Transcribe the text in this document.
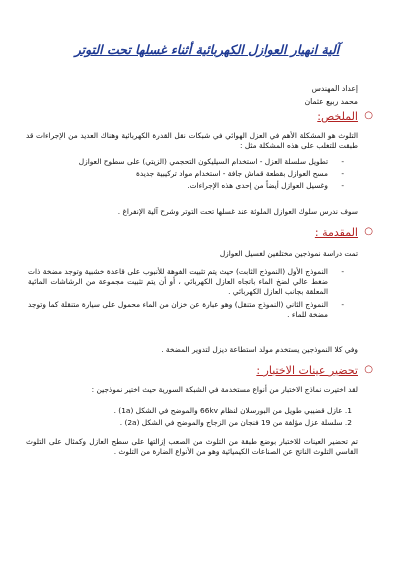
آلية انهيار العوازل الكهربائية أثناء غسلها تحت التوتر
إعداد المهندس
محمد ربيع عثمان
○
الملخص:
التلوث هو المشكلة الأهم في العزل الهوائي في شبكات نقل القدرة الكهربائية وهناك العديد من الإجراءات قد طبقت للتغلب على هذه المشكلة مثل :
-
تطويل سلسلة العزل - استخدام السيليكون التحجمي (الزيتي) على سطوح العوازل
-
مسح العوازل بقطعة قماش جافة - استخدام مواد تركيبية جديدة
-
وغسيل العوازل أيضاً من إحدى هذه الإجراءات.
سوف ندرس سلوك العوازل الملوثة عند غسلها تحت التوتر وشرح آلية الإنفراغ .
○
المقدمة :
تمت دراسة نموذجين مختلفين لغسيل العوازل
-
النموذج الأول (النموذج الثابت) حيث يتم تثبيت الفوهة للأنبوب على قاعدة خشبية وتوجد مضخة ذات ضغط عالي لضخ الماء باتجاه العازل الكهربائي ، أو أن يتم تثبيت مجموعة من الرشاشات المائية المعلقة بجانب العازل الكهربائي .
-
النموذج الثاني (النموذج متنقل) وهو عبارة عن خزان من الماء محمول على سيارة متنقلة كما وتوجد مضخة للماء .
وفي كلا النموذجين يستخدم مولد استطاعة ديزل لتدوير المضخة .
○
تحضير عينات الاختبار :
لقد اختيرت نماذج الاختبار من أنواع مستخدمة في الشبكة السورية حيث اختير نموذجين :
1. عازل قضيبي طويل من البورسلان لنظام 66kv والموضح في الشكل (1a) .
2. سلسلة عزل مؤلفة من 19 فنجان من الزجاج والموضح في الشكل (2a) .
تم تحضير العينات للاختبار بوضع طبقة من التلوث من الصعب إزالتها على سطح العازل وكمثال على التلوث القاسي التلوث الناتج عن الصناعات الكيميائية وهو من الأنواع الضارة من التلوث .
